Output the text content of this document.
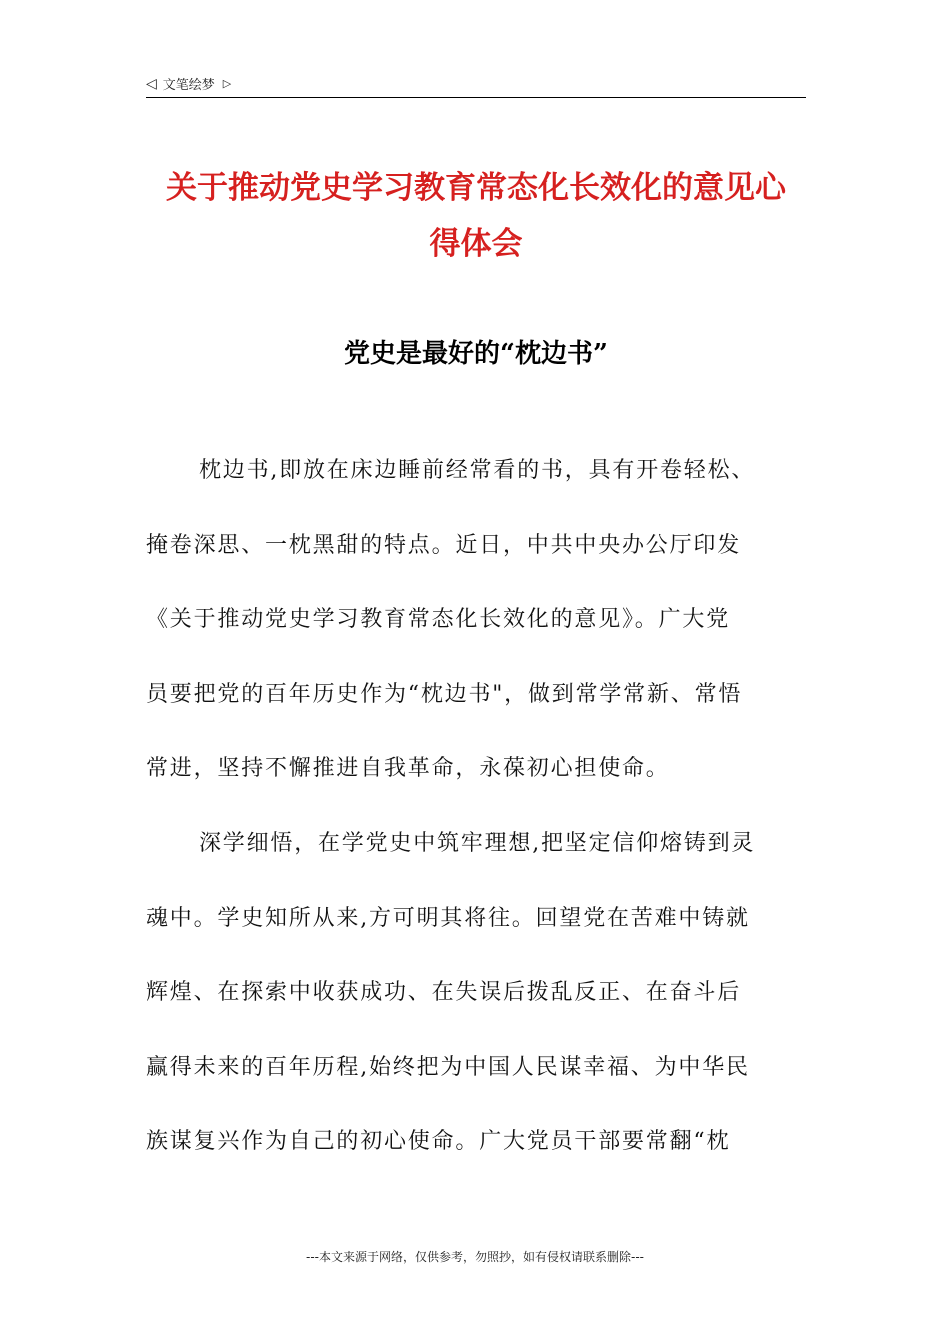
◁ 文笔绘梦 ▷
关于推动党史学习教育常态化长效化的意见心
得体会
党史是最好的“枕边书”

枕边书,即放在床边睡前经常看的书，具有开卷轻松、
掩卷深思、一枕黑甜的特点。近日，中共中央办公厅印发
《关于推动党史学习教育常态化长效化的意见》。广大党
员要把党的百年历史作为“枕边书"，做到常学常新、常悟
常进，坚持不懈推进自我革命，永葆初心担使命。

深学细悟，在学党史中筑牢理想,把坚定信仰熔铸到灵
魂中。学史知所从来,方可明其将往。回望党在苦难中铸就
辉煌、在探索中收获成功、在失误后拨乱反正、在奋斗后
赢得未来的百年历程,始终把为中国人民谋幸福、为中华民
族谋复兴作为自己的初心使命。广大党员干部要常翻“枕

---本文来源于网络，仅供参考，勿照抄，如有侵权请联系删除---
